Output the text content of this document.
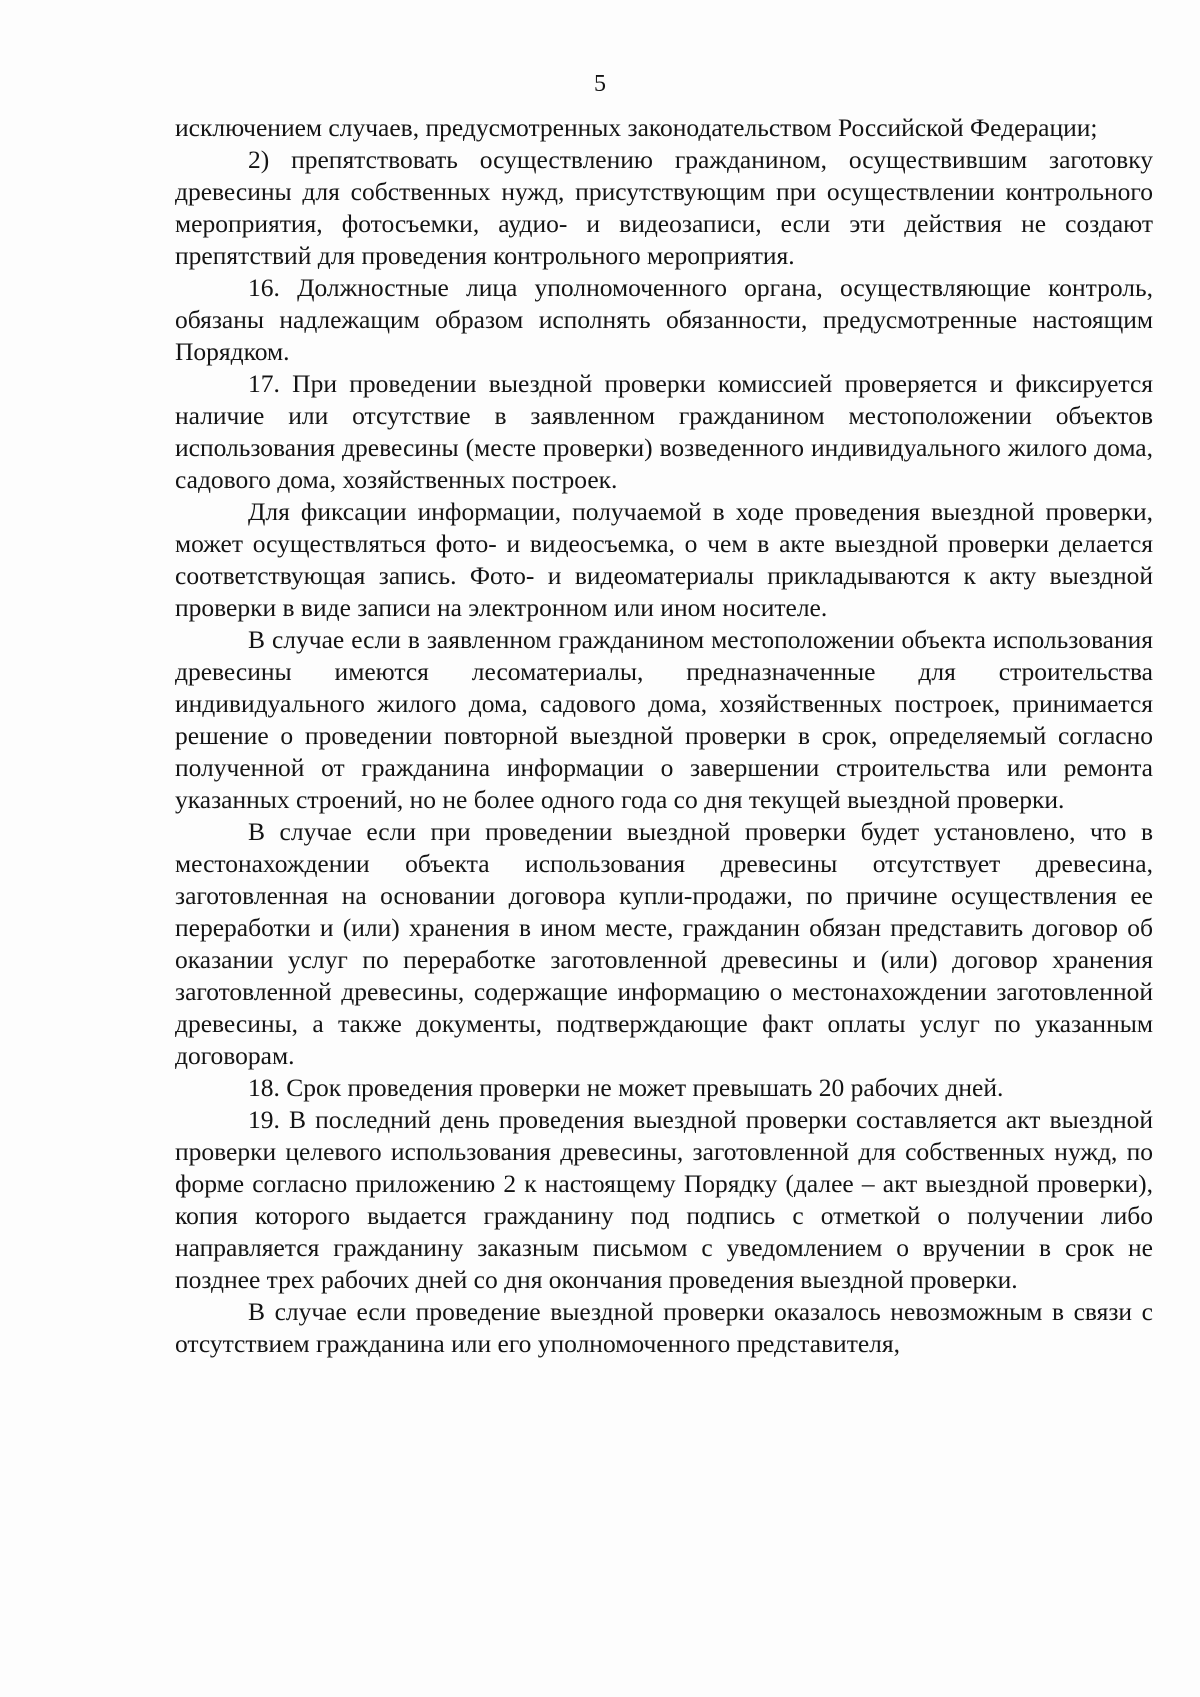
5

исключением случаев, предусмотренных законодательством Российской Федерации;

2) препятствовать осуществлению гражданином, осуществившим заготовку древесины для собственных нужд, присутствующим при осуществлении контрольного мероприятия, фотосъемки, аудио- и видеозаписи, если эти действия не создают препятствий для проведения контрольного мероприятия.

16. Должностные лица уполномоченного органа, осуществляющие контроль, обязаны надлежащим образом исполнять обязанности, предусмотренные настоящим Порядком.

17. При проведении выездной проверки комиссией проверяется и фиксируется наличие или отсутствие в заявленном гражданином местоположении объектов использования древесины (месте проверки) возведенного индивидуального жилого дома, садового дома, хозяйственных построек.

Для фиксации информации, получаемой в ходе проведения выездной проверки, может осуществляться фото- и видеосъемка, о чем в акте выездной проверки делается соответствующая запись. Фото- и видеоматериалы прикладываются к акту выездной проверки в виде записи на электронном или ином носителе.

В случае если в заявленном гражданином местоположении объекта использования древесины имеются лесоматериалы, предназначенные для строительства индивидуального жилого дома, садового дома, хозяйственных построек, принимается решение о проведении повторной выездной проверки в срок, определяемый согласно полученной от гражданина информации о завершении строительства или ремонта указанных строений, но не более одного года со дня текущей выездной проверки.

В случае если при проведении выездной проверки будет установлено, что в местонахождении объекта использования древесины отсутствует древесина, заготовленная на основании договора купли-продажи, по причине осуществления ее переработки и (или) хранения в ином месте, гражданин обязан представить договор об оказании услуг по переработке заготовленной древесины и (или) договор хранения заготовленной древесины, содержащие информацию о местонахождении заготовленной древесины, а также документы, подтверждающие факт оплаты услуг по указанным договорам.

18. Срок проведения проверки не может превышать 20 рабочих дней.

19. В последний день проведения выездной проверки составляется акт выездной проверки целевого использования древесины, заготовленной для собственных нужд, по форме согласно приложению 2 к настоящему Порядку (далее – акт выездной проверки), копия которого выдается гражданину под подпись с отметкой о получении либо направляется гражданину заказным письмом с уведомлением о вручении в срок не позднее трех рабочих дней со дня окончания проведения выездной проверки.

В случае если проведение выездной проверки оказалось невозможным в связи с отсутствием гражданина или его уполномоченного представителя,
